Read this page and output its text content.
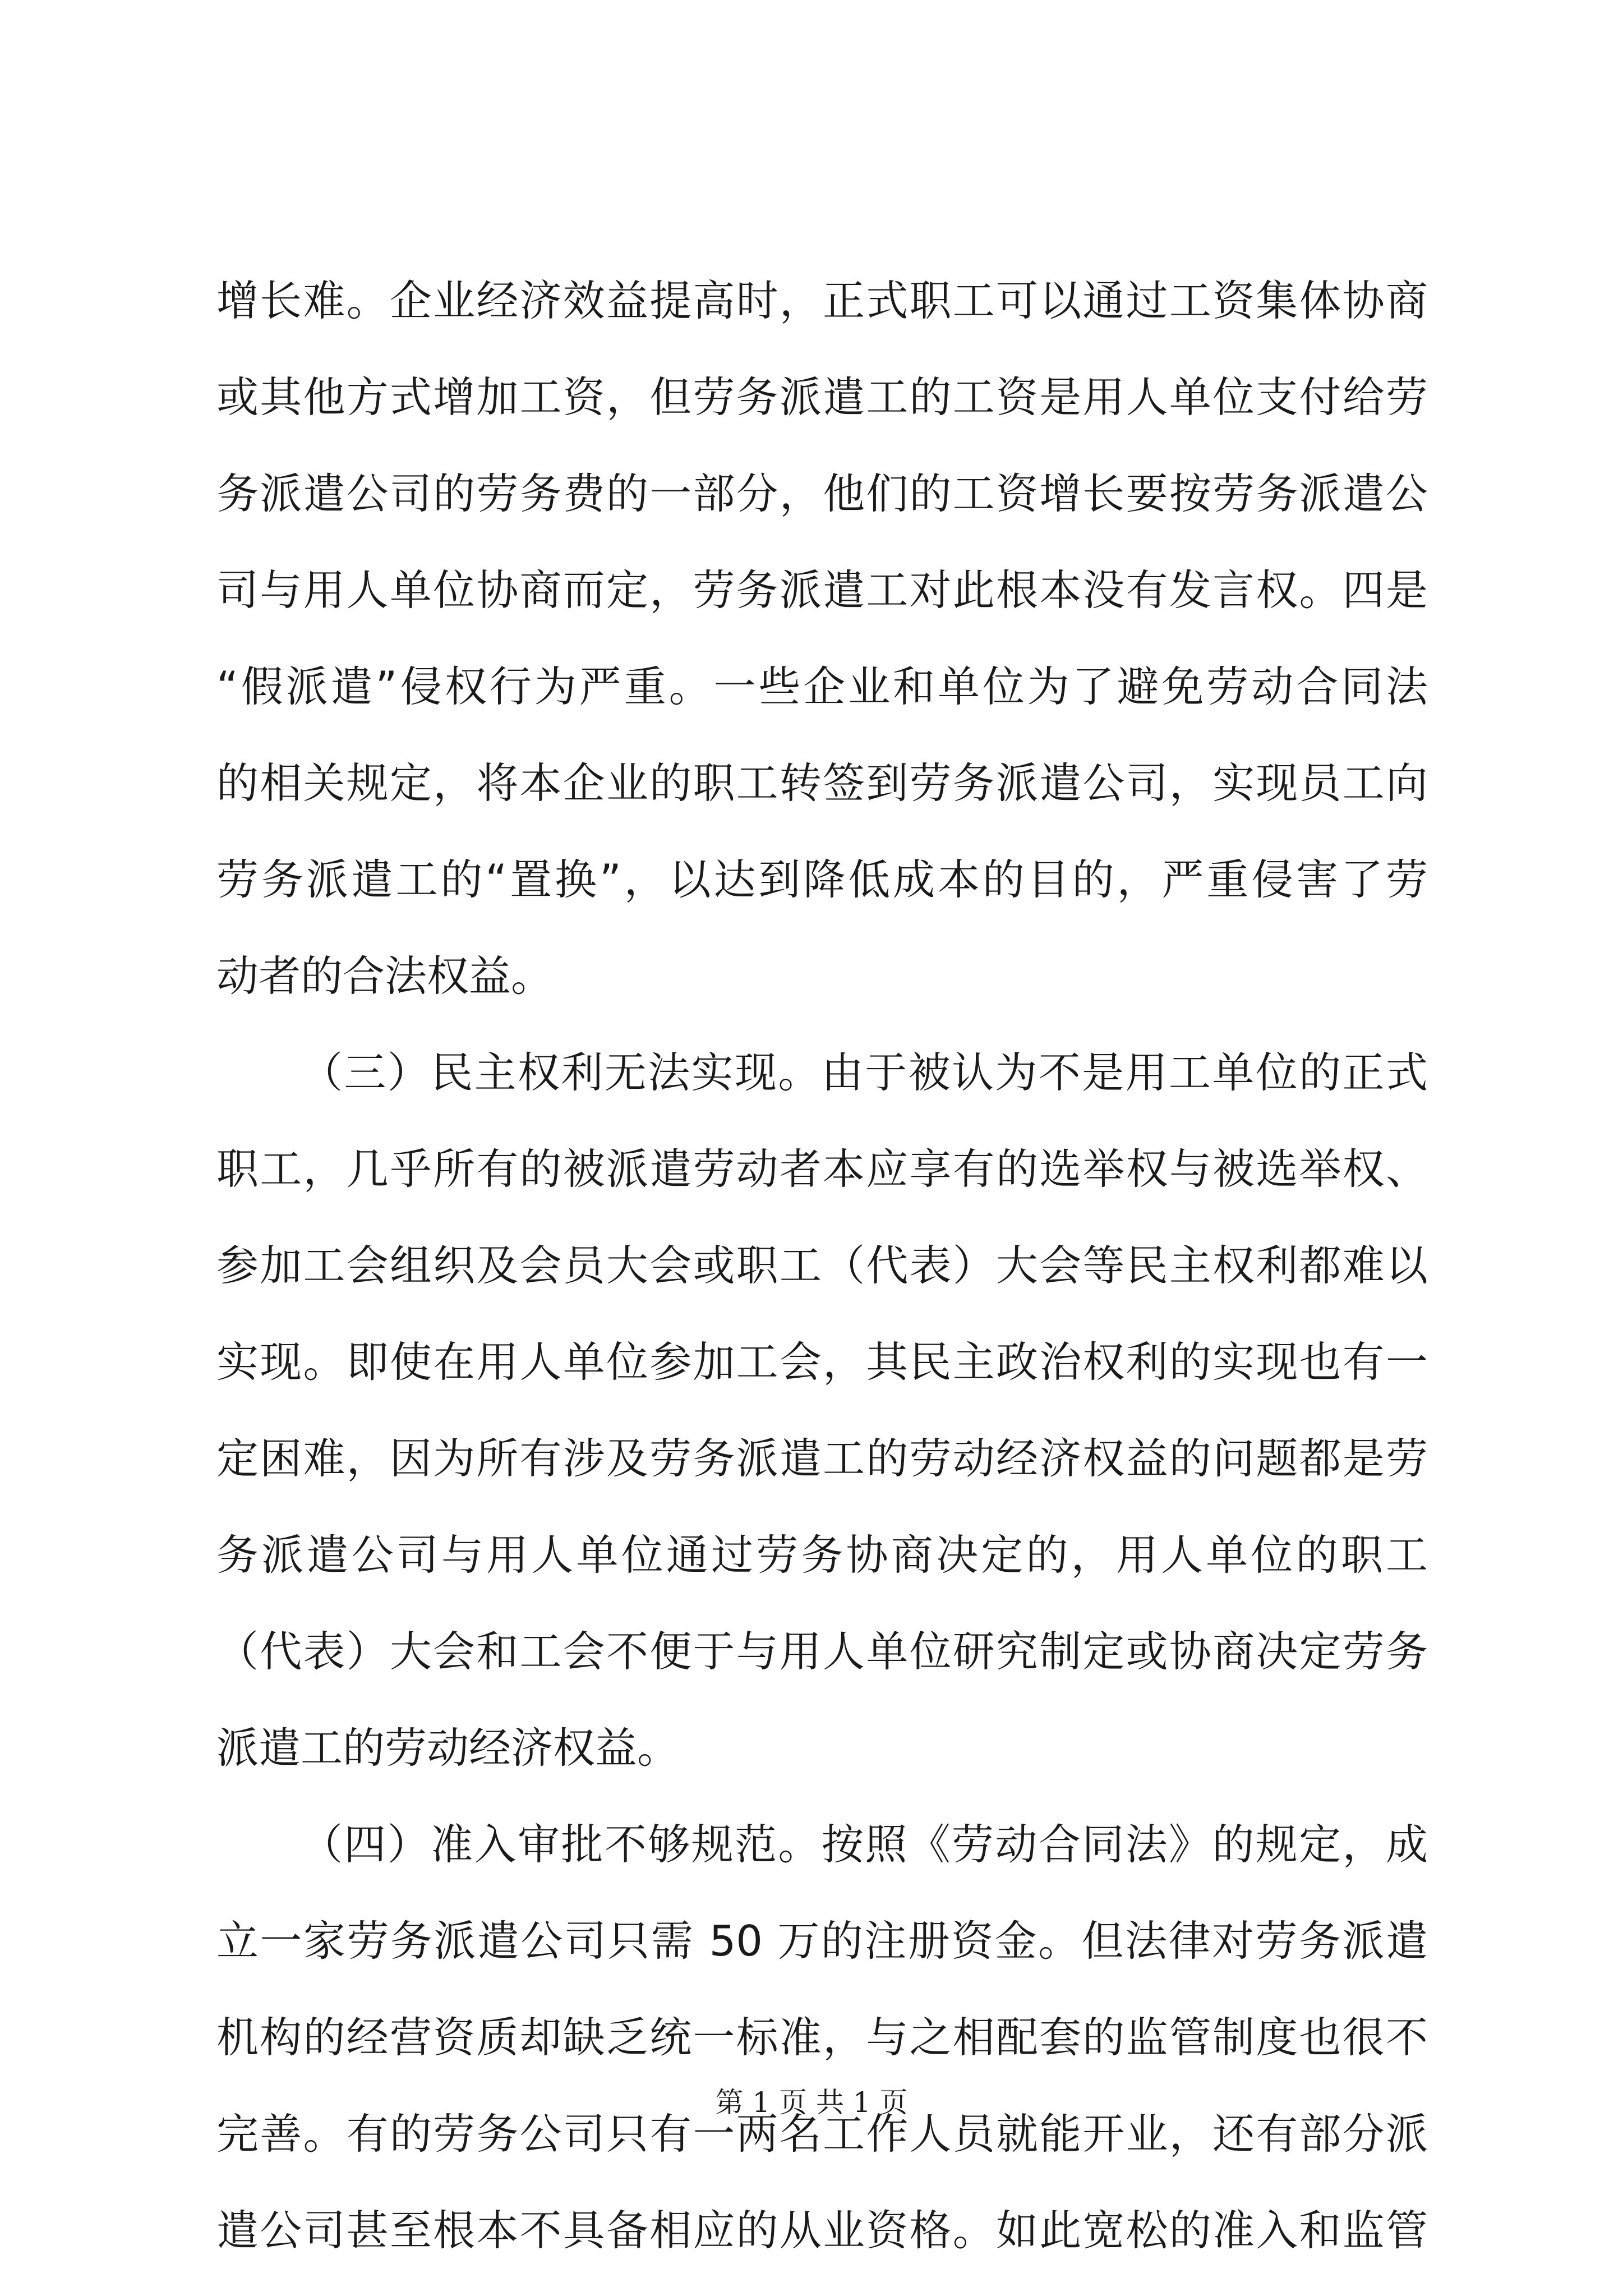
增长难。企业经济效益提高时，正式职工可以通过工资集体协商
或其他方式增加工资，但劳务派遣工的工资是用人单位支付给劳
务派遣公司的劳务费的一部分，他们的工资增长要按劳务派遣公
司与用人单位协商而定，劳务派遣工对此根本没有发言权。四是
“假派遣”侵权行为严重。一些企业和单位为了避免劳动合同法
的相关规定，将本企业的职工转签到劳务派遣公司，实现员工向
劳务派遣工的“置换”，以达到降低成本的目的，严重侵害了劳
动者的合法权益。
（三）民主权利无法实现。由于被认为不是用工单位的正式
职工，几乎所有的被派遣劳动者本应享有的选举权与被选举权、
参加工会组织及会员大会或职工（代表）大会等民主权利都难以
实现。即使在用人单位参加工会，其民主政治权利的实现也有一
定困难，因为所有涉及劳务派遣工的劳动经济权益的问题都是劳
务派遣公司与用人单位通过劳务协商决定的，用人单位的职工
（代表）大会和工会不便于与用人单位研究制定或协商决定劳务
派遣工的劳动经济权益。
（四）准入审批不够规范。按照《劳动合同法》的规定，成
立一家劳务派遣公司只需 50 万的注册资金。但法律对劳务派遣
机构的经营资质却缺乏统一标准，与之相配套的监管制度也很不
完善。有的劳务公司只有一两名工作人员就能开业，还有部分派
遣公司甚至根本不具备相应的从业资格。如此宽松的准入和监管
第 1 页 共 1 页
